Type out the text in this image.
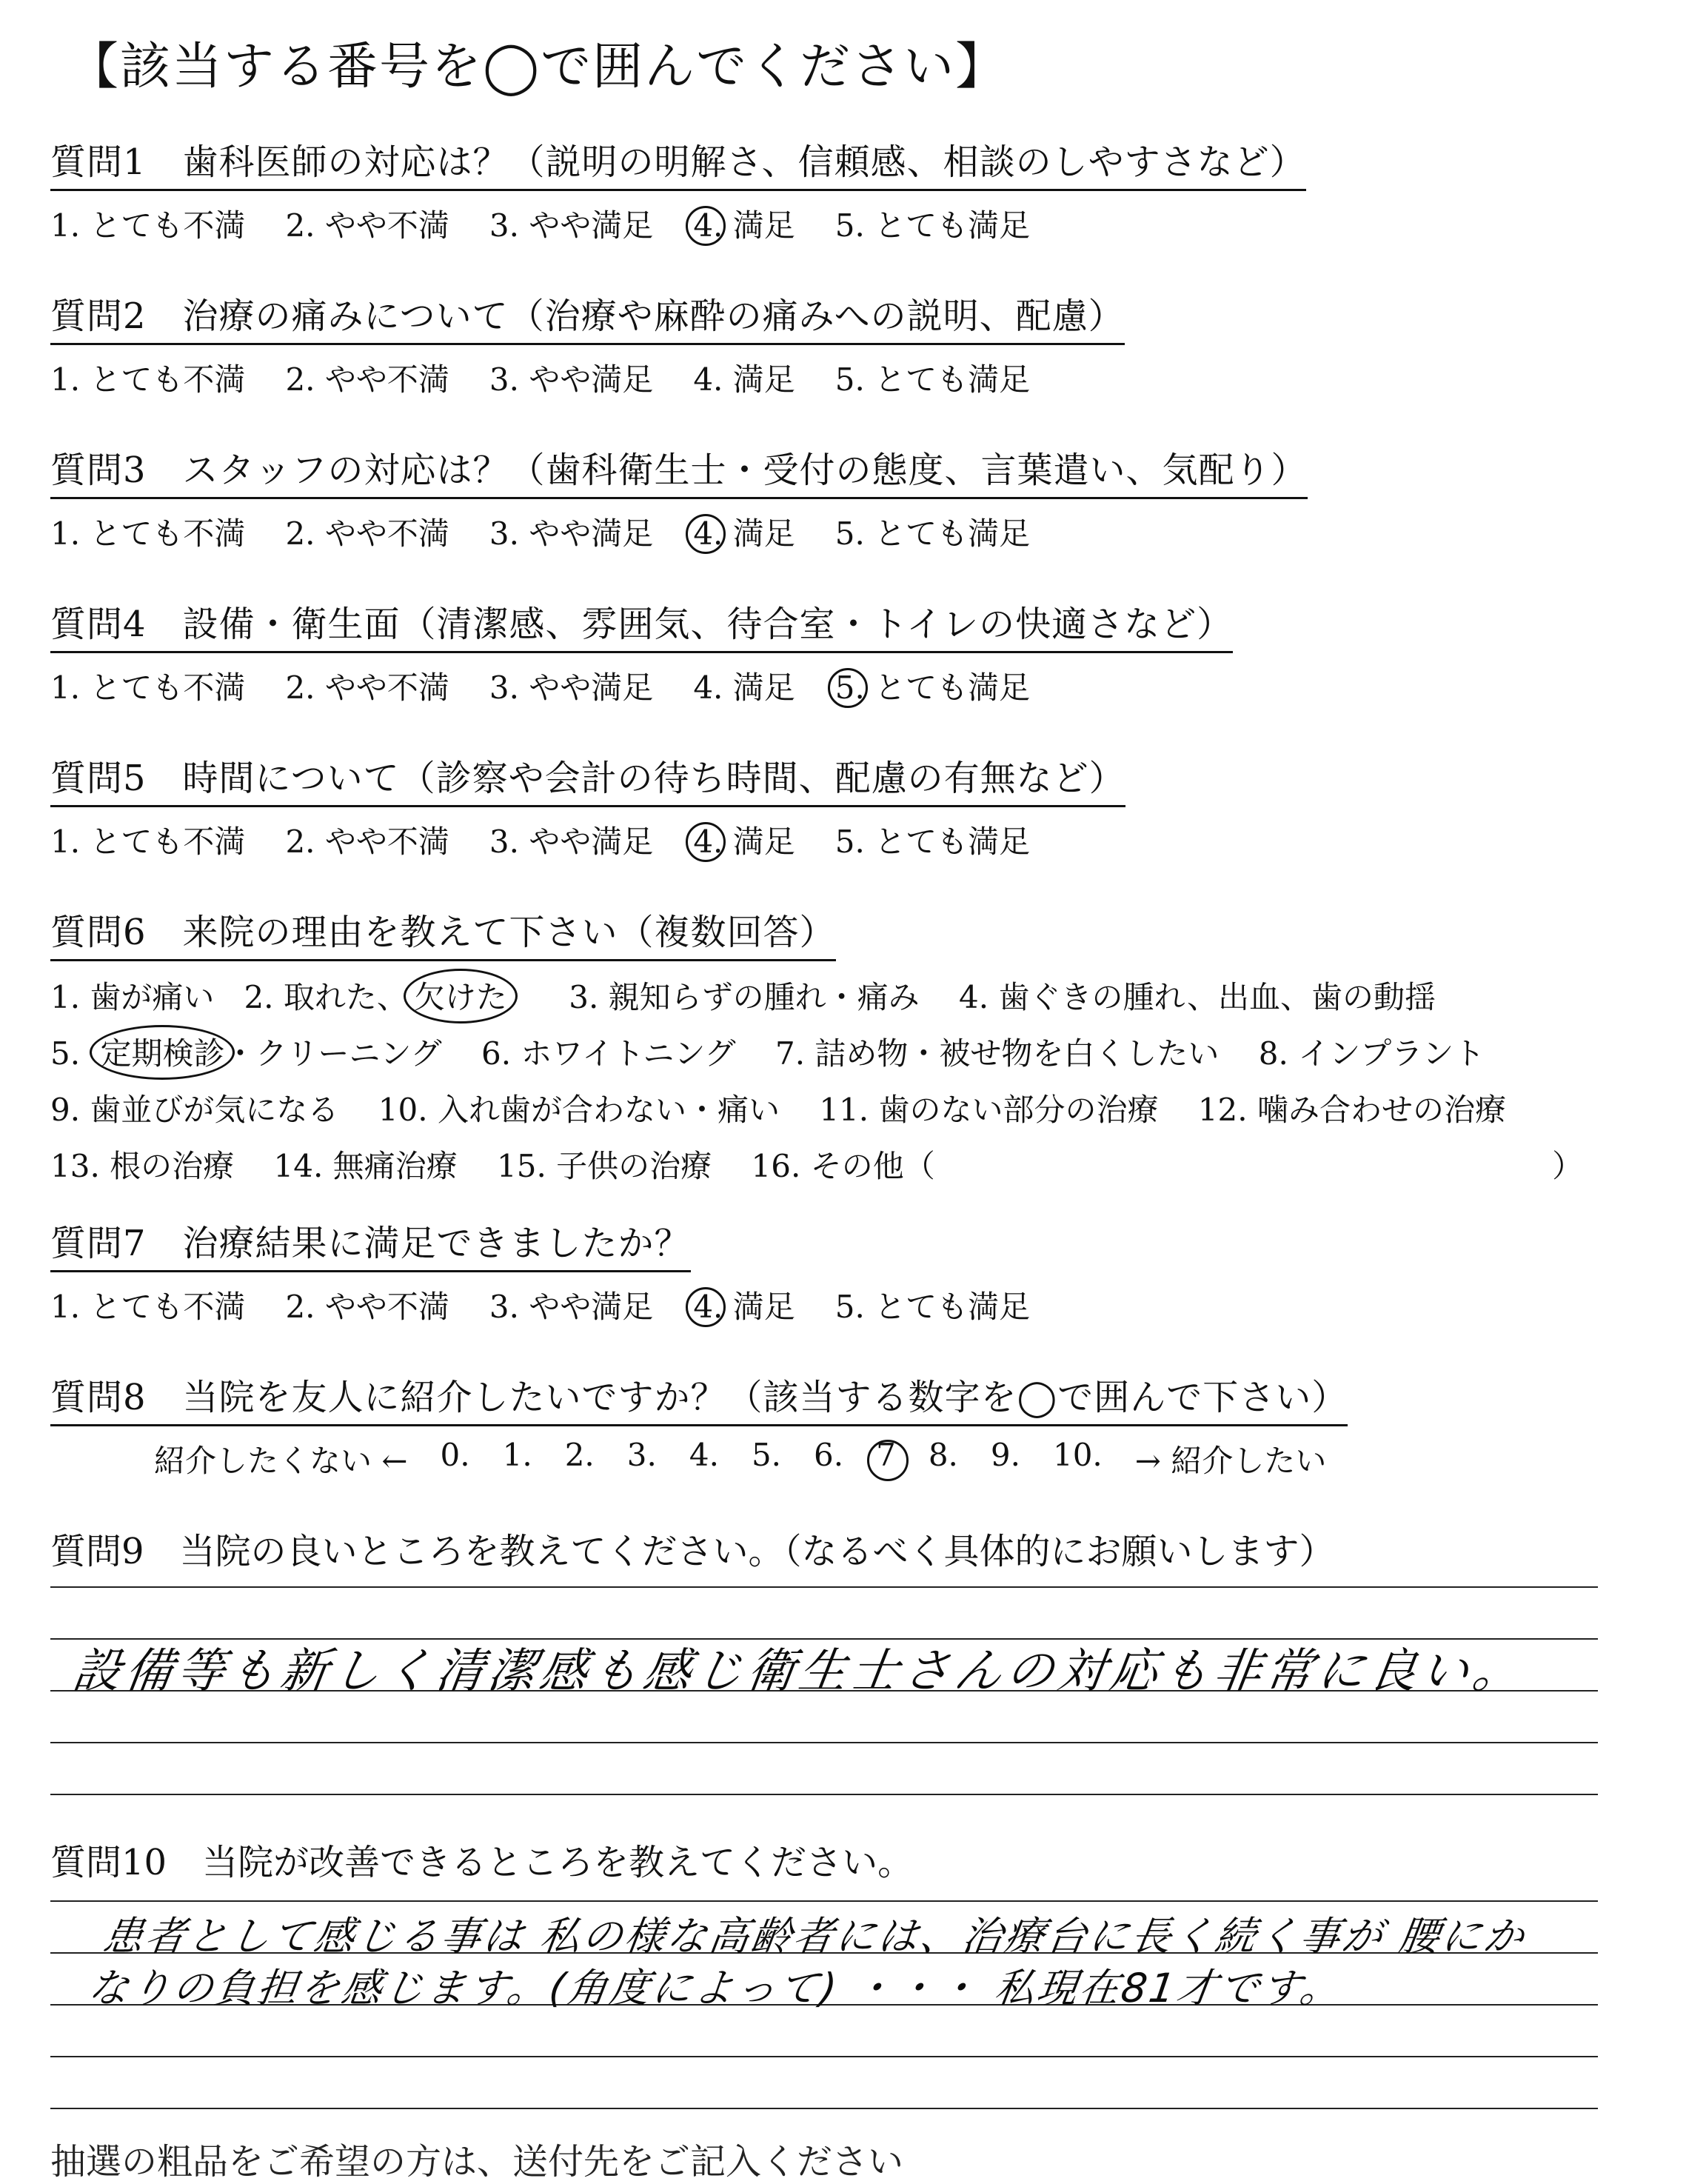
【該当する番号を◯で囲んでください】
質問1　歯科医師の対応は？（説明の明解さ、信頼感、相談のしやすさなど）
1. とても不満 2. やや不満 3. やや満足 4. 満足 5. とても満足
質問2　治療の痛みについて（治療や麻酔の痛みへの説明、配慮）
1. とても不満 2. やや不満 3. やや満足 4. 満足 5. とても満足
質問3　スタッフの対応は？（歯科衛生士・受付の態度、言葉遣い、気配り）
1. とても不満 2. やや不満 3. やや満足 4. 満足 5. とても満足
質問4　設備・衛生面（清潔感、雰囲気、待合室・トイレの快適さなど）
1. とても不満 2. やや不満 3. やや満足 4. 満足 5. とても満足
質問5　時間について（診察や会計の待ち時間、配慮の有無など）
1. とても不満 2. やや不満 3. やや満足 4. 満足 5. とても満足
質問6　来院の理由を教えて下さい（複数回答）
1. 歯が痛い 2. 取れた、 欠けた 3. 親知らずの腫れ・痛み 4. 歯ぐきの腫れ、出血、歯の動揺
5. 定期検診・クリーニング 6. ホワイトニング 7. 詰め物・被せ物を白くしたい 8. インプラント
9. 歯並びが気になる 10. 入れ歯が合わない・痛い 11. 歯のない部分の治療 12. 噛み合わせの治療
13. 根の治療 14. 無痛治療 15. 子供の治療 16. その他（	）
質問7　治療結果に満足できましたか？
1. とても不満 2. やや不満 3. やや満足 4. 満足 5. とても満足
質問8　当院を友人に紹介したいですか？（該当する数字を◯で囲んで下さい）
紹介したくない ← 0. 1. 2. 3. 4. 5. 6. 7 8. 9. 10. → 紹介したい
質問9　当院の良いところを教えてください。（なるべく具体的にお願いします）
設備等も新しく清潔感も感じ衛生士さんの対応も非常に良い。
質問10　当院が改善できるところを教えてください。
患者として感じる事は 私の様な高齢者には、治療台に長く続く事が 腰にか
なりの負担を感じます。(角度によって) ・・・ 私現在81才です。
抽選の粗品をご希望の方は、送付先をご記入ください
